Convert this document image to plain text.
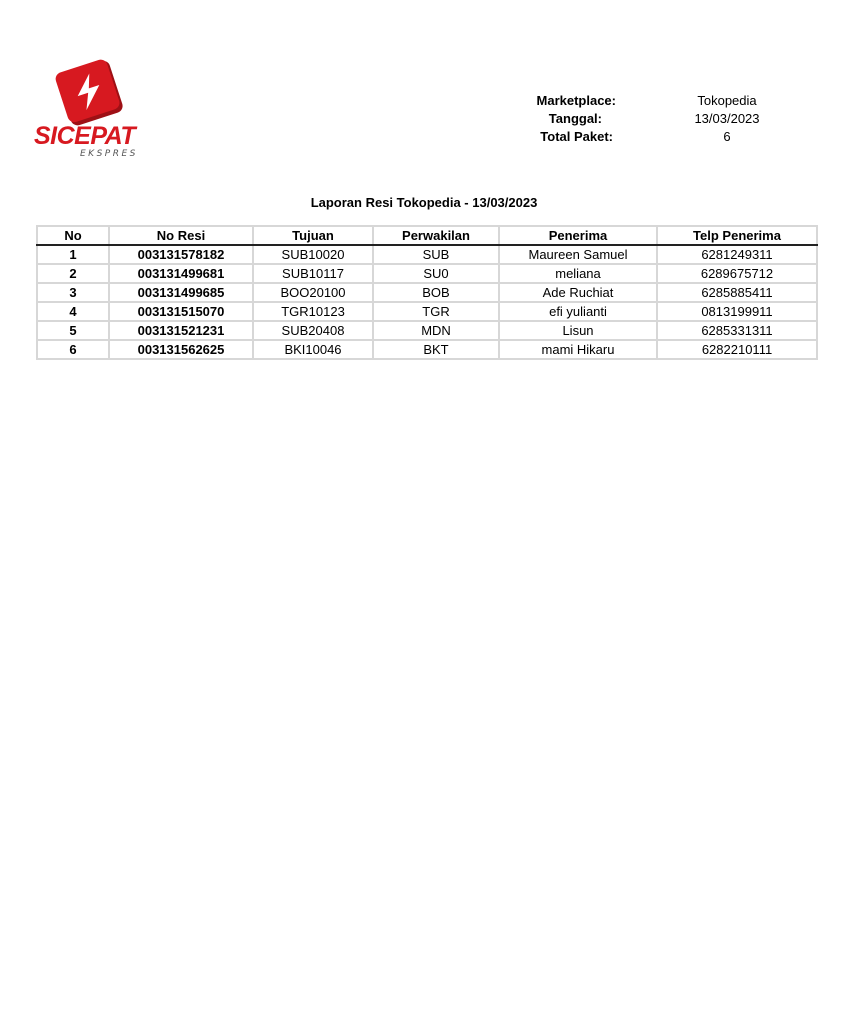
SICEPAT
EKSPRES
Marketplace:	Tokopedia
Tanggal:	13/03/2023
Total Paket:	6
Laporan Resi Tokopedia - 13/03/2023
No	No Resi	Tujuan	Perwakilan	Penerima	Telp Penerima
1	003131578182	SUB10020	SUB	Maureen Samuel	6281249311
2	003131499681	SUB10117	SU0	meliana	6289675712
3	003131499685	BOO20100	BOB	Ade Ruchiat	6285885411
4	003131515070	TGR10123	TGR	efi yulianti	0813199911
5	003131521231	SUB20408	MDN	Lisun	6285331311
6	003131562625	BKI10046	BKT	mami Hikaru	6282210111
